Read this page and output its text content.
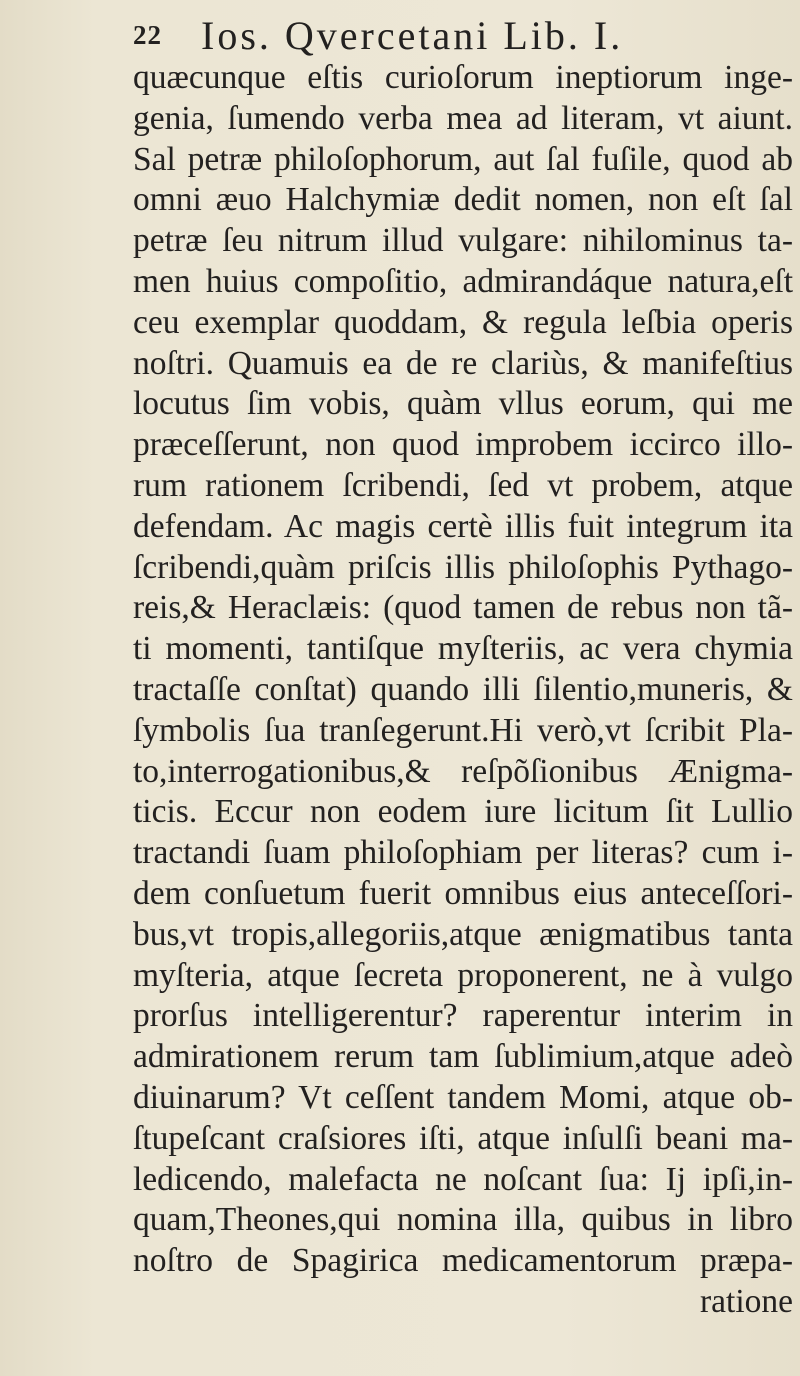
22 Ios. Qvercetani Lib. I.
quæcunque eſtis curioſorum ineptiorum inge-
genia, ſumendo verba mea ad literam, vt aiunt.
Sal petræ philoſophorum, aut ſal fuſile, quod ab
omni æuo Halchymiæ dedit nomen, non eſt ſal
petræ ſeu nitrum illud vulgare: nihilominus ta-
men huius compoſitio, admirandáque natura,eſt
ceu exemplar quoddam, & regula leſbia operis
noſtri. Quamuis ea de re clariùs, & manifeſtius
locutus ſim vobis, quàm vllus eorum, qui me
præceſſerunt, non quod improbem iccirco illo-
rum rationem ſcribendi, ſed vt probem, atque
defendam. Ac magis certè illis fuit integrum ita
ſcribendi,quàm priſcis illis philoſophis Pythago-
reis,& Heraclæis: (quod tamen de rebus non tã-
ti momenti, tantiſque myſteriis, ac vera chymia
tractaſſe conſtat) quando illi ſilentio,muneris, &
ſymbolis ſua tranſegerunt.Hi verò,vt ſcribit Pla-
to,interrogationibus,& reſpõſionibus Ænigma-
ticis. Eccur non eodem iure licitum ſit Lullio
tractandi ſuam philoſophiam per literas? cum i-
dem conſuetum fuerit omnibus eius anteceſſori-
bus,vt tropis,allegoriis,atque ænigmatibus tanta
myſteria, atque ſecreta proponerent, ne à vulgo
prorſus intelligerentur? raperentur interim in
admirationem rerum tam ſublimium,atque adeò
diuinarum? Vt ceſſent tandem Momi, atque ob-
ſtupeſcant craſsiores iſti, atque inſulſi beani ma-
ledicendo, malefacta ne noſcant ſua: Ij ipſi,in-
quam,Theones,qui nomina illa, quibus in libro
noſtro de Spagirica medicamentorum præpa-
ratione
